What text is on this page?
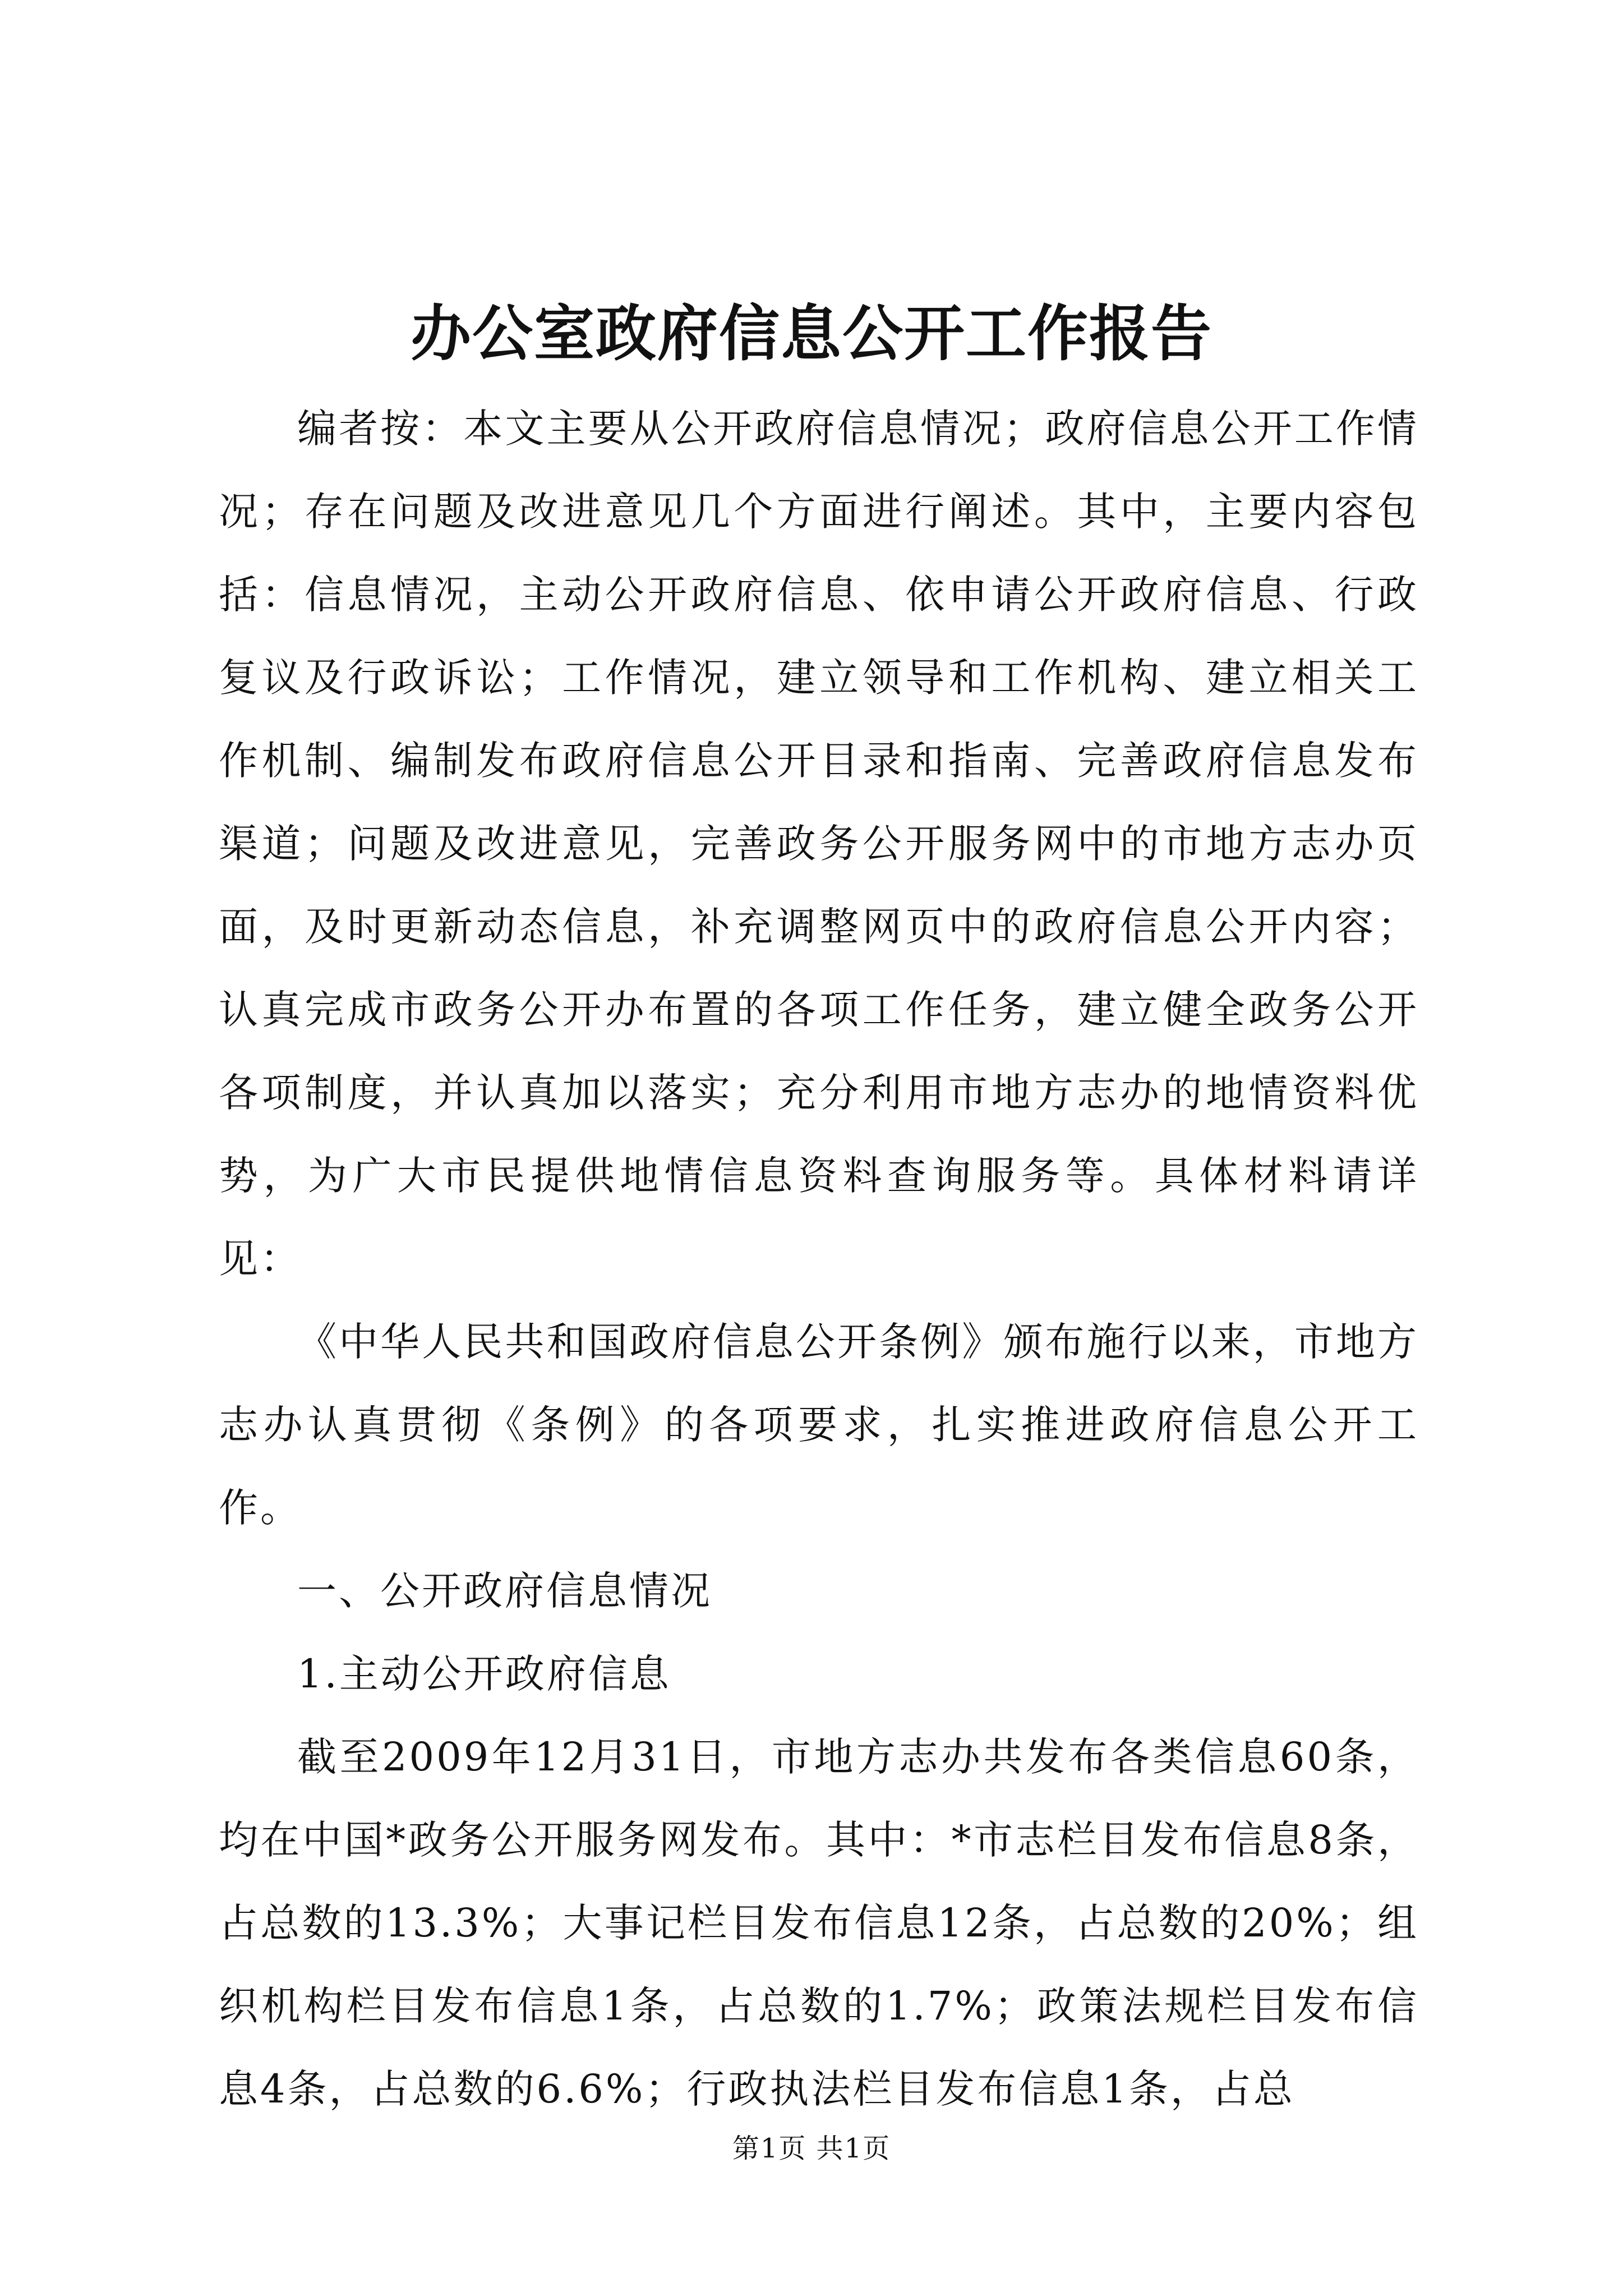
办公室政府信息公开工作报告

编者按：本文主要从公开政府信息情况；政府信息公开工作情况；存在问题及改进意见几个方面进行阐述。其中，主要内容包括：信息情况，主动公开政府信息、依申请公开政府信息、行政复议及行政诉讼；工作情况，建立领导和工作机构、建立相关工作机制、编制发布政府信息公开目录和指南、完善政府信息发布渠道；问题及改进意见，完善政务公开服务网中的市地方志办页面，及时更新动态信息，补充调整网页中的政府信息公开内容；认真完成市政务公开办布置的各项工作任务，建立健全政务公开各项制度，并认真加以落实；充分利用市地方志办的地情资料优势，为广大市民提供地情信息资料查询服务等。具体材料请详见：

《中华人民共和国政府信息公开条例》颁布施行以来，市地方志办认真贯彻《条例》的各项要求，扎实推进政府信息公开工作。

一、公开政府信息情况

1.主动公开政府信息

截至2009年12月31日，市地方志办共发布各类信息60条，均在中国*政务公开服务网发布。其中：*市志栏目发布信息8条，占总数的13.3%；大事记栏目发布信息12条，占总数的20%；组织机构栏目发布信息1条，占总数的1.7%；政策法规栏目发布信息4条，占总数的6.6%；行政执法栏目发布信息1条，占总

第1页 共1页
